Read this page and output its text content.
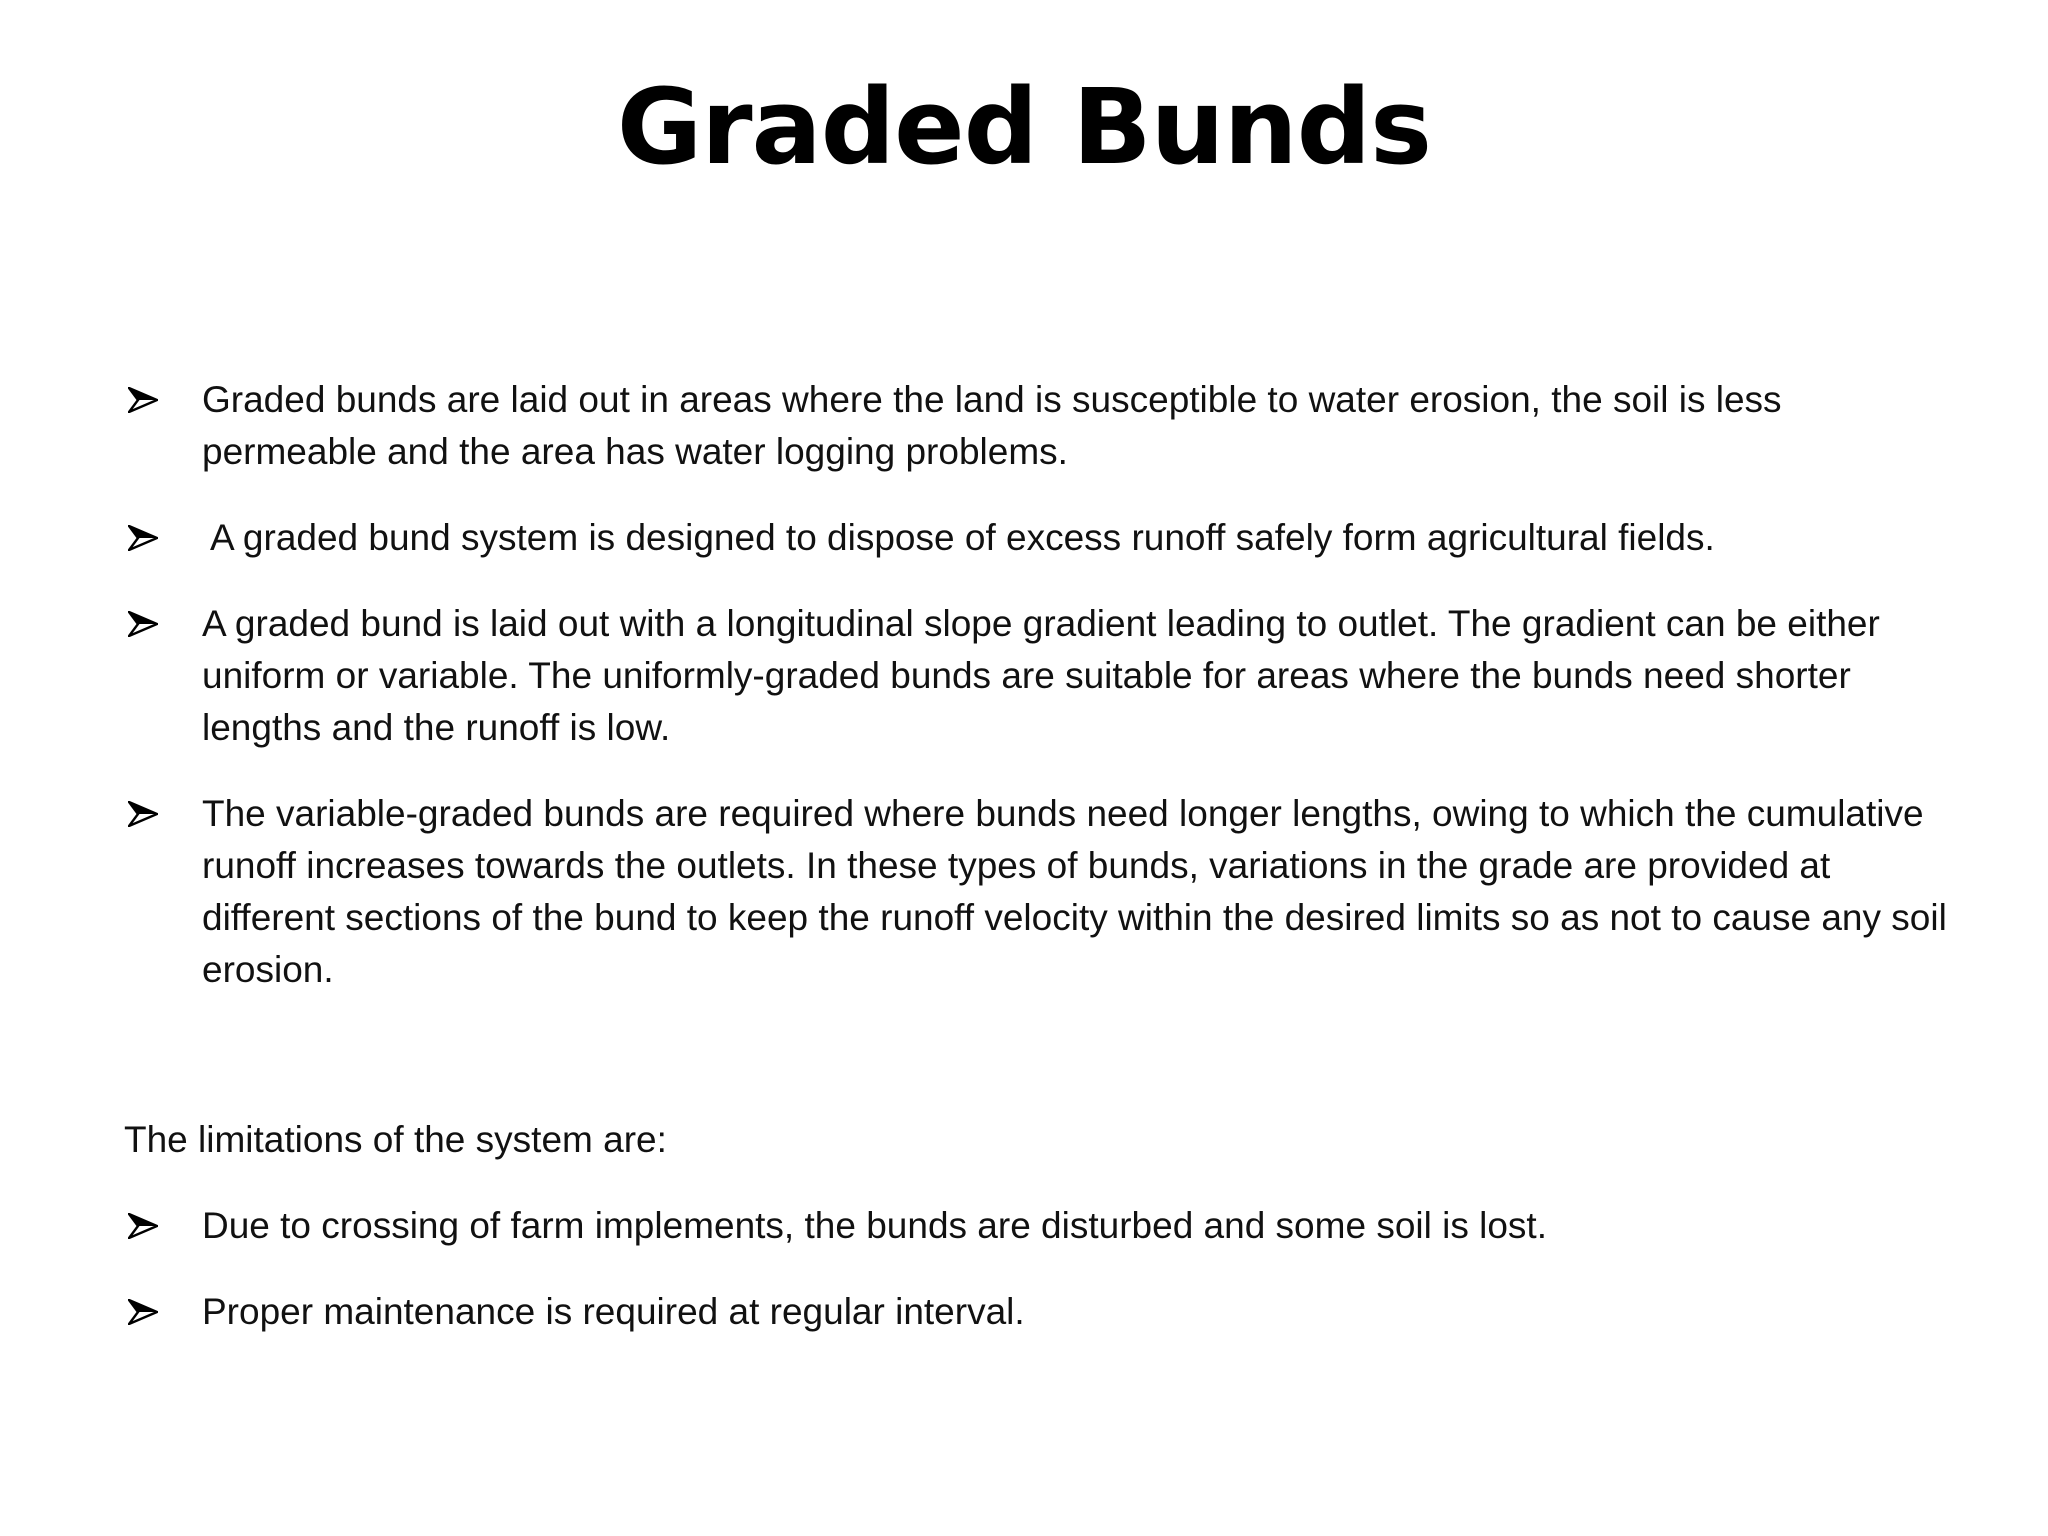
Graded Bunds
Graded bunds are laid out in areas where the land is susceptible to water erosion, the soil is less permeable and the area has water logging problems.
A graded bund system is designed to dispose of excess runoff safely form agricultural fields.
A graded bund is laid out with a longitudinal slope gradient leading to outlet. The gradient can be either uniform or variable. The uniformly-graded bunds are suitable for areas where the bunds need shorter lengths and the runoff is low.
The variable-graded bunds are required where bunds need longer lengths, owing to which the cumulative runoff increases towards the outlets. In these types of bunds, variations in the grade are provided at different sections of the bund to keep the runoff velocity within the desired limits so as not to cause any soil erosion.

The limitations of the system are:

Due to crossing of farm implements, the bunds are disturbed and some soil is lost.
Proper maintenance is required at regular interval.
